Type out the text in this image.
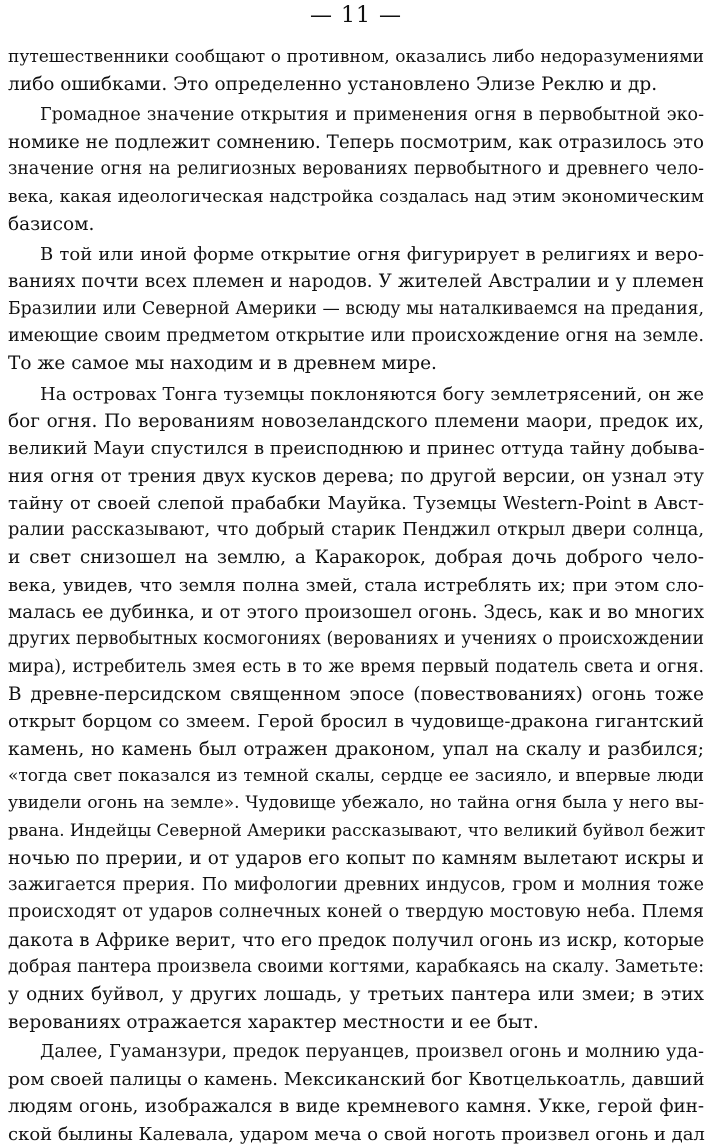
— 11 —
путешественники сообщают о противном, оказались либо недоразумениями
либо ошибками. Это определенно установлено Элизе Реклю и др.
Громадное значение открытия и применения огня в первобытной эко-
номике не подлежит сомнению. Теперь посмотрим, как отразилось это
значение огня на религиозных верованиях первобытного и древнего чело-
века, какая идеологическая надстройка создалась над этим экономическим
базисом.
В той или иной форме открытие огня фигурирует в религиях и веро-
ваниях почти всех племен и народов. У жителей Австралии и у племен
Бразилии или Северной Америки — всюду мы наталкиваемся на предания,
имеющие своим предметом открытие или происхождение огня на земле.
То же самое мы находим и в древнем мире.
На островах Тонга туземцы поклоняются богу землетрясений, он же
бог огня. По верованиям новозеландского племени маори, предок их,
великий Мауи спустился в преисподнюю и принес оттуда тайну добыва-
ния огня от трения двух кусков дерева; по другой версии, он узнал эту
тайну от своей слепой прабабки Мауйка. Туземцы Western-Point в Авст-
ралии рассказывают, что добрый старик Пенджил открыл двери солнца,
и свет снизошел на землю, а Каракорок, добрая дочь доброго чело-
века, увидев, что земля полна змей, стала истреблять их; при этом сло-
малась ее дубинка, и от этого произошел огонь. Здесь, как и во многих
других первобытных космогониях (верованиях и учениях о происхождении
мира), истребитель змея есть в то же время первый податель света и огня.
В древне-персидском священном эпосе (повествованиях) огонь тоже
открыт борцом со змеем. Герой бросил в чудовище-дракона гигантский
камень, но камень был отражен драконом, упал на скалу и разбился;
«тогда свет показался из темной скалы, сердце ее засияло, и впервые люди
увидели огонь на земле». Чудовище убежало, но тайна огня была у него вы-
рвана. Индейцы Северной Америки рассказывают, что великий буйвол бежит
ночью по прерии, и от ударов его копыт по камням вылетают искры и
зажигается прерия. По мифологии древних индусов, гром и молния тоже
происходят от ударов солнечных коней о твердую мостовую неба. Племя
дакота в Африке верит, что его предок получил огонь из искр, которые
добрая пантера произвела своими когтями, карабкаясь на скалу. Заметьте:
у одних буйвол, у других лошадь, у третьих пантера или змеи; в этих
верованиях отражается характер местности и ее быт.
Далее, Гуаманзури, предок перуанцев, произвел огонь и молнию уда-
ром своей палицы о камень. Мексиканский бог Квотцелькоатль, давший
людям огонь, изображался в виде кремневого камня. Укке, герой фин-
ской былины Калевала, ударом меча о свой ноготь произвел огонь и дал
